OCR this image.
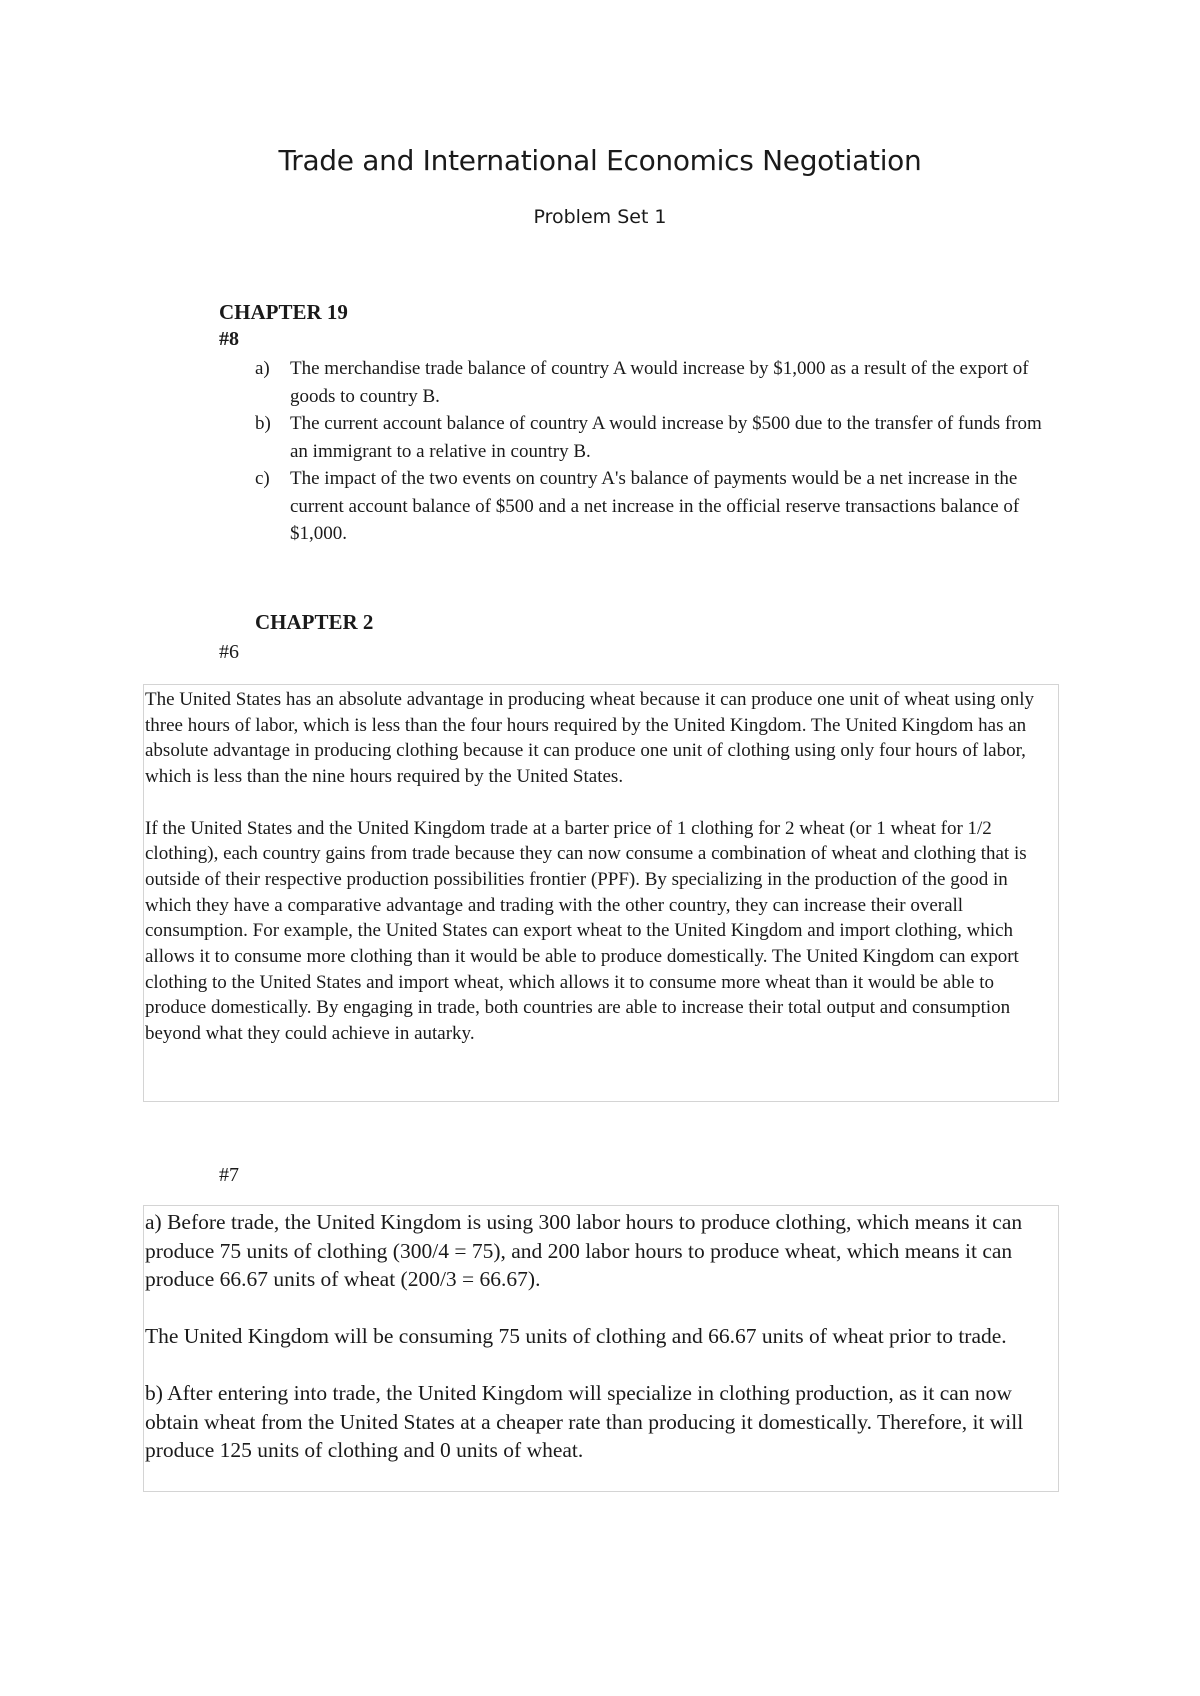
Trade and International Economics Negotiation
Problem Set 1
CHAPTER 19
#8
a) The merchandise trade balance of country A would increase by $1,000 as a result of the export of goods to country B.
b) The current account balance of country A would increase by $500 due to the transfer of funds from an immigrant to a relative in country B.
c) The impact of the two events on country A's balance of payments would be a net increase in the current account balance of $500 and a net increase in the official reserve transactions balance of $1,000.
CHAPTER 2
#6

The United States has an absolute advantage in producing wheat because it can produce one unit of wheat using only three hours of labor, which is less than the four hours required by the United Kingdom. The United Kingdom has an absolute advantage in producing clothing because it can produce one unit of clothing using only four hours of labor, which is less than the nine hours required by the United States.

If the United States and the United Kingdom trade at a barter price of 1 clothing for 2 wheat (or 1 wheat for 1/2 clothing), each country gains from trade because they can now consume a combination of wheat and clothing that is outside of their respective production possibilities frontier (PPF). By specializing in the production of the good in which they have a comparative advantage and trading with the other country, they can increase their overall consumption. For example, the United States can export wheat to the United Kingdom and import clothing, which allows it to consume more clothing than it would be able to produce domestically. The United Kingdom can export clothing to the United States and import wheat, which allows it to consume more wheat than it would be able to produce domestically. By engaging in trade, both countries are able to increase their total output and consumption beyond what they could achieve in autarky.

#7

a) Before trade, the United Kingdom is using 300 labor hours to produce clothing, which means it can produce 75 units of clothing (300/4 = 75), and 200 labor hours to produce wheat, which means it can produce 66.67 units of wheat (200/3 = 66.67).

The United Kingdom will be consuming 75 units of clothing and 66.67 units of wheat prior to trade.

b) After entering into trade, the United Kingdom will specialize in clothing production, as it can now obtain wheat from the United States at a cheaper rate than producing it domestically. Therefore, it will produce 125 units of clothing and 0 units of wheat.
